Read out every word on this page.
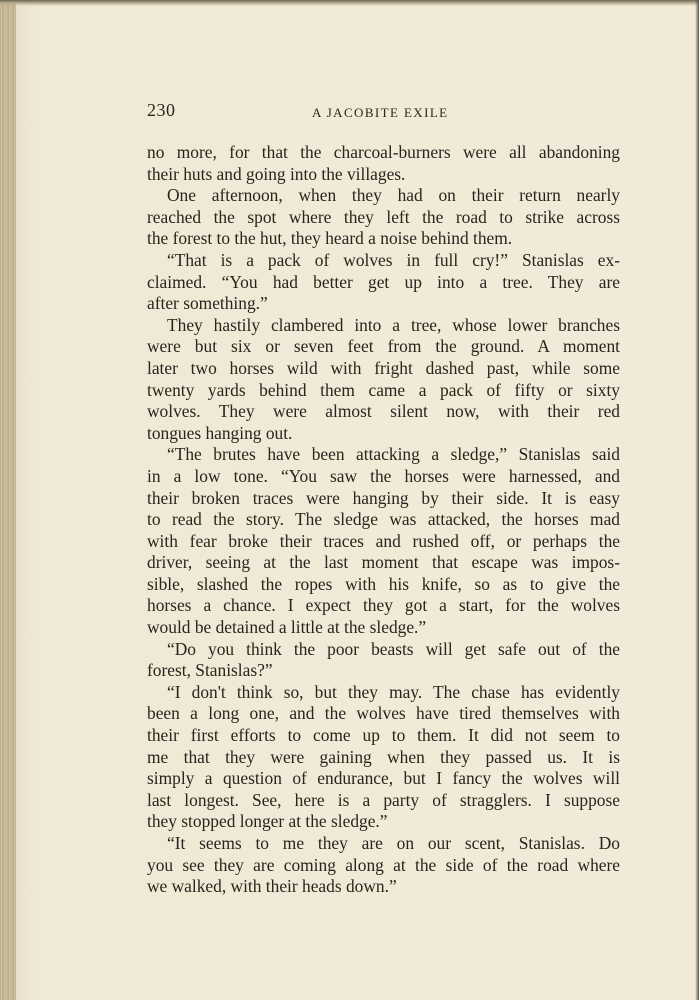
230	A JACOBITE EXILE
no more, for that the charcoal-burners were all abandoning
their huts and going into the villages.
One afternoon, when they had on their return nearly
reached the spot where they left the road to strike across
the forest to the hut, they heard a noise behind them.
“That is a pack of wolves in full cry!” Stanislas ex-
claimed. “You had better get up into a tree. They are
after something.”
They hastily clambered into a tree, whose lower branches
were but six or seven feet from the ground. A moment
later two horses wild with fright dashed past, while some
twenty yards behind them came a pack of fifty or sixty
wolves. They were almost silent now, with their red
tongues hanging out.
“The brutes have been attacking a sledge,” Stanislas said
in a low tone. “You saw the horses were harnessed, and
their broken traces were hanging by their side. It is easy
to read the story. The sledge was attacked, the horses mad
with fear broke their traces and rushed off, or perhaps the
driver, seeing at the last moment that escape was impos-
sible, slashed the ropes with his knife, so as to give the
horses a chance. I expect they got a start, for the wolves
would be detained a little at the sledge.”
“Do you think the poor beasts will get safe out of the
forest, Stanislas?”
“I don't think so, but they may. The chase has evidently
been a long one, and the wolves have tired themselves with
their first efforts to come up to them. It did not seem to
me that they were gaining when they passed us. It is
simply a question of endurance, but I fancy the wolves will
last longest. See, here is a party of stragglers. I suppose
they stopped longer at the sledge.”
“It seems to me they are on our scent, Stanislas. Do
you see they are coming along at the side of the road where
we walked, with their heads down.”
